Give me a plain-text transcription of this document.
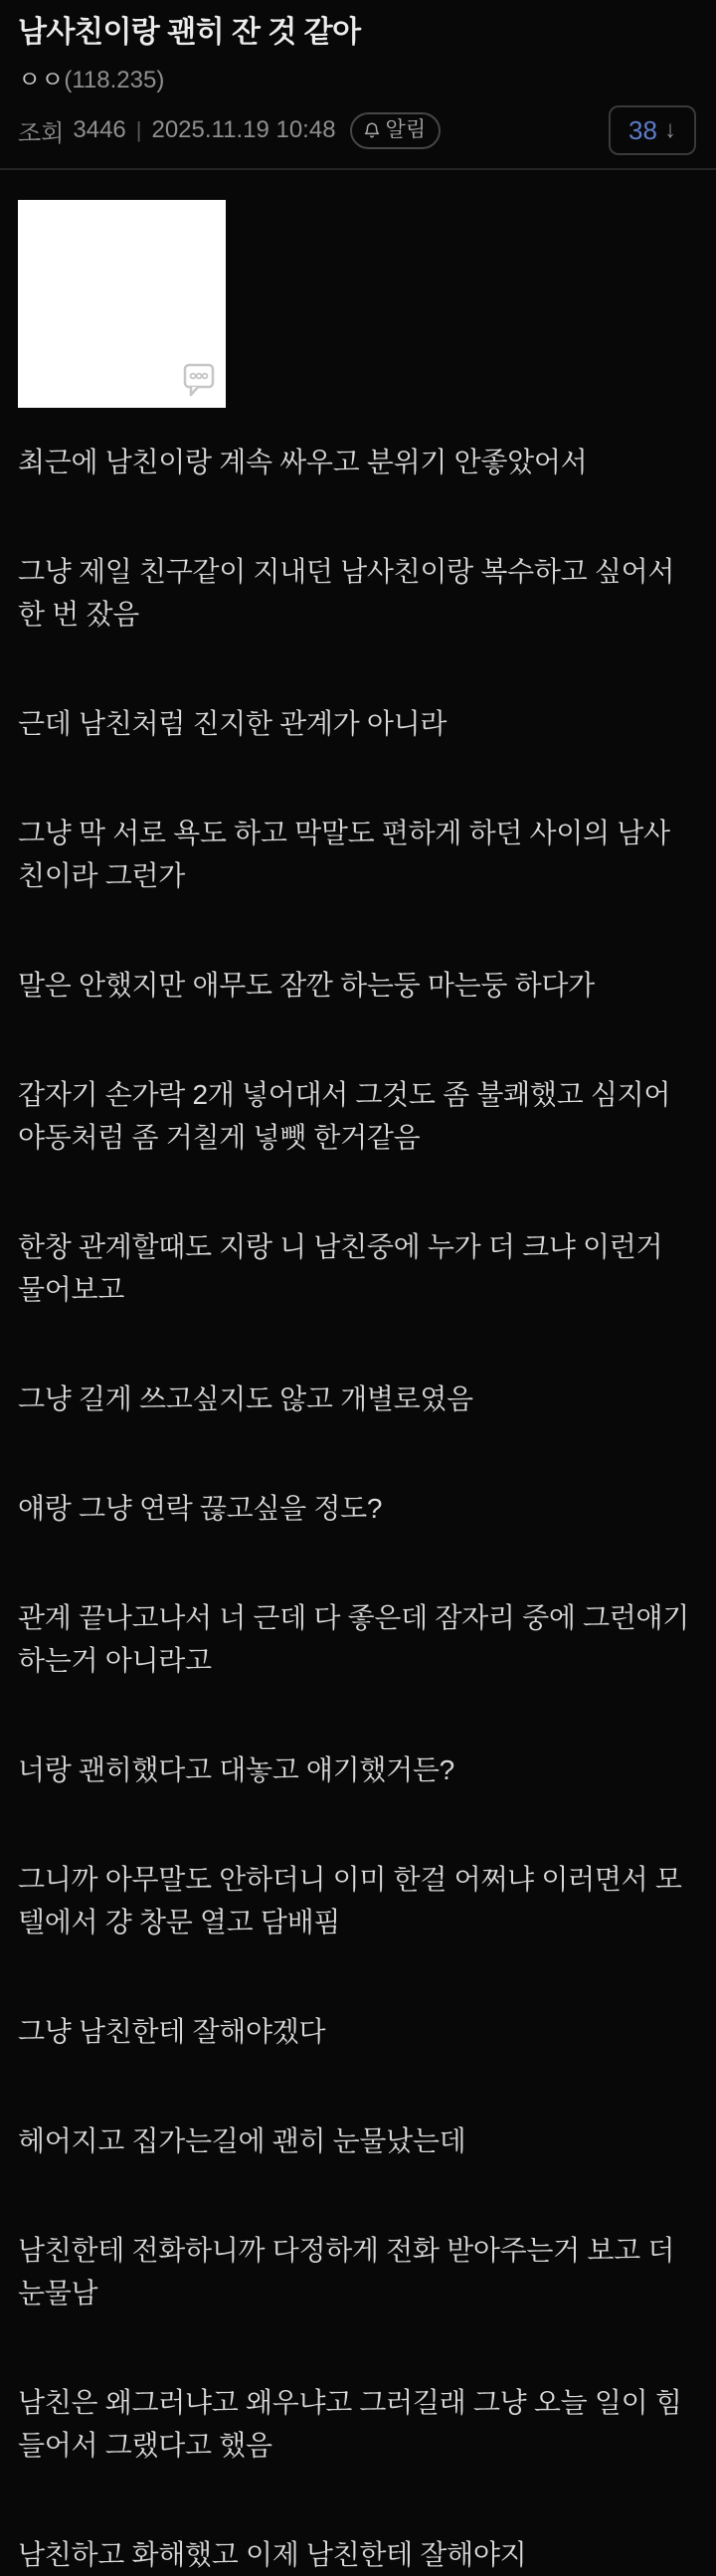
남사친이랑 괜히 잔 것 같아
ㅇㅇ(118.235)
조회 3446 | 2025.11.19 10:48 알림	38 ↓

최근에 남친이랑 계속 싸우고 분위기 안좋았어서

그냥 제일 친구같이 지내던 남사친이랑 복수하고 싶어서 한 번 잤음

근데 남친처럼 진지한 관계가 아니라

그냥 막 서로 욕도 하고 막말도 편하게 하던 사이의 남사친이라 그런가

말은 안했지만 애무도 잠깐 하는둥 마는둥 하다가

갑자기 손가락 2개 넣어대서 그것도 좀 불쾌했고 심지어 야동처럼 좀 거칠게 넣뺏 한거같음

한창 관계할때도 지랑 니 남친중에 누가 더 크냐 이런거 물어보고

그냥 길게 쓰고싶지도 않고 개별로였음

얘랑 그냥 연락 끊고싶을 정도?

관계 끝나고나서 너 근데 다 좋은데 잠자리 중에 그런얘기 하는거 아니라고

너랑 괜히했다고 대놓고 얘기했거든?

그니까 아무말도 안하더니 이미 한걸 어쩌냐 이러면서 모텔에서 걍 창문 열고 담배핌

그냥 남친한테 잘해야겠다

헤어지고 집가는길에 괜히 눈물났는데

남친한테 전화하니까 다정하게 전화 받아주는거 보고 더 눈물남

남친은 왜그러냐고 왜우냐고 그러길래 그냥 오늘 일이 힘들어서 그랬다고 했음

남친하고 화해했고 이제 남친한테 잘해야지
